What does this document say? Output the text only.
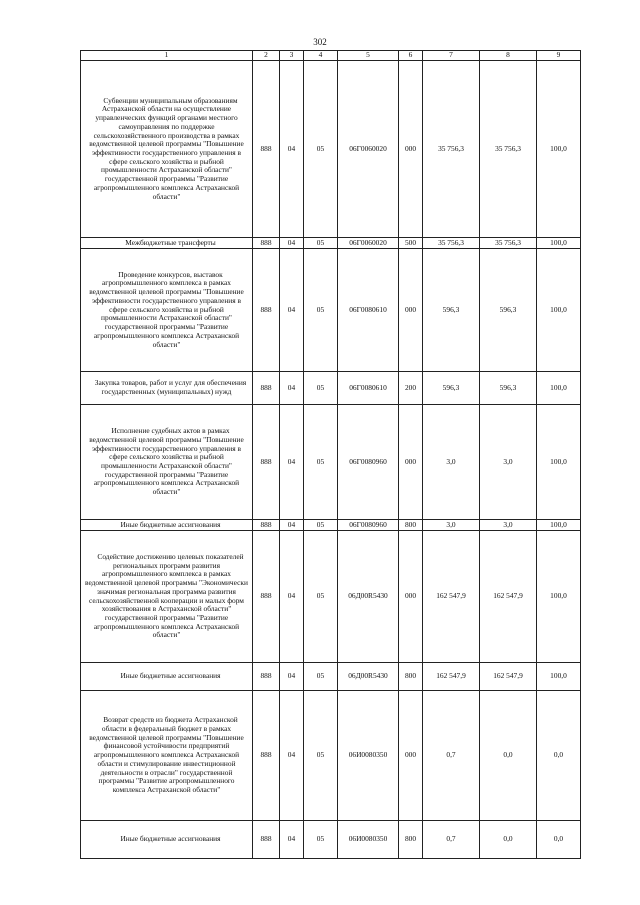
302
1	2	3	4	5	6	7	8	9
Субвенции муниципальным образованиям Астраханской области на осуществление управленческих функций органами местного самоуправления по поддержке сельскохозяйственного производства в рамках ведомственной целевой программы "Повышение эффективности государственного управления в сфере сельского хозяйства и рыбной промышленности Астраханской области" государственной программы "Развитие агропромышленного комплекса Астраханской области"	888	04	05	06Г0060020	000	35 756,3	35 756,3	100,0
Межбюджетные трансферты	888	04	05	06Г0060020	500	35 756,3	35 756,3	100,0
Проведение конкурсов, выставок агропромышленного комплекса в рамках ведомственной целевой программы "Повышение эффективности государственного управления в сфере сельского хозяйства и рыбной промышленности Астраханской области" государственной программы "Развитие агропромышленного комплекса Астраханской области"	888	04	05	06Г0080610	000	596,3	596,3	100,0
Закупка товаров, работ и услуг для обеспечения государственных (муниципальных) нужд	888	04	05	06Г0080610	200	596,3	596,3	100,0
Исполнение судебных актов в рамках ведомственной целевой программы "Повышение эффективности государственного управления в сфере сельского хозяйства и рыбной промышленности Астраханской области" государственной программы "Развитие агропромышленного комплекса Астраханской области"	888	04	05	06Г0080960	000	3,0	3,0	100,0
Иные бюджетные ассигнования	888	04	05	06Г0080960	800	3,0	3,0	100,0
Содействие достижению целевых показателей региональных программ развития агропромышленного комплекса в рамках ведомственной целевой программы "Экономически значимая региональная программа развития сельскохозяйственной кооперации и малых форм хозяйствования в Астраханской области" государственной программы "Развитие агропромышленного комплекса Астраханской области"	888	04	05	06Д00R5430	000	162 547,9	162 547,9	100,0
Иные бюджетные ассигнования	888	04	05	06Д00R5430	800	162 547,9	162 547,9	100,0
Возврат средств из бюджета Астраханской области в федеральный бюджет в рамках ведомственной целевой программы "Повышение финансовой устойчивости предприятий агропромышленного комплекса Астраханской области и стимулирование инвестиционной деятельности в отрасли" государственной программы "Развитие агропромышленного комплекса Астраханской области"	888	04	05	06И0080350	000	0,7	0,0	0,0
Иные бюджетные ассигнования	888	04	05	06И0080350	800	0,7	0,0	0,0
